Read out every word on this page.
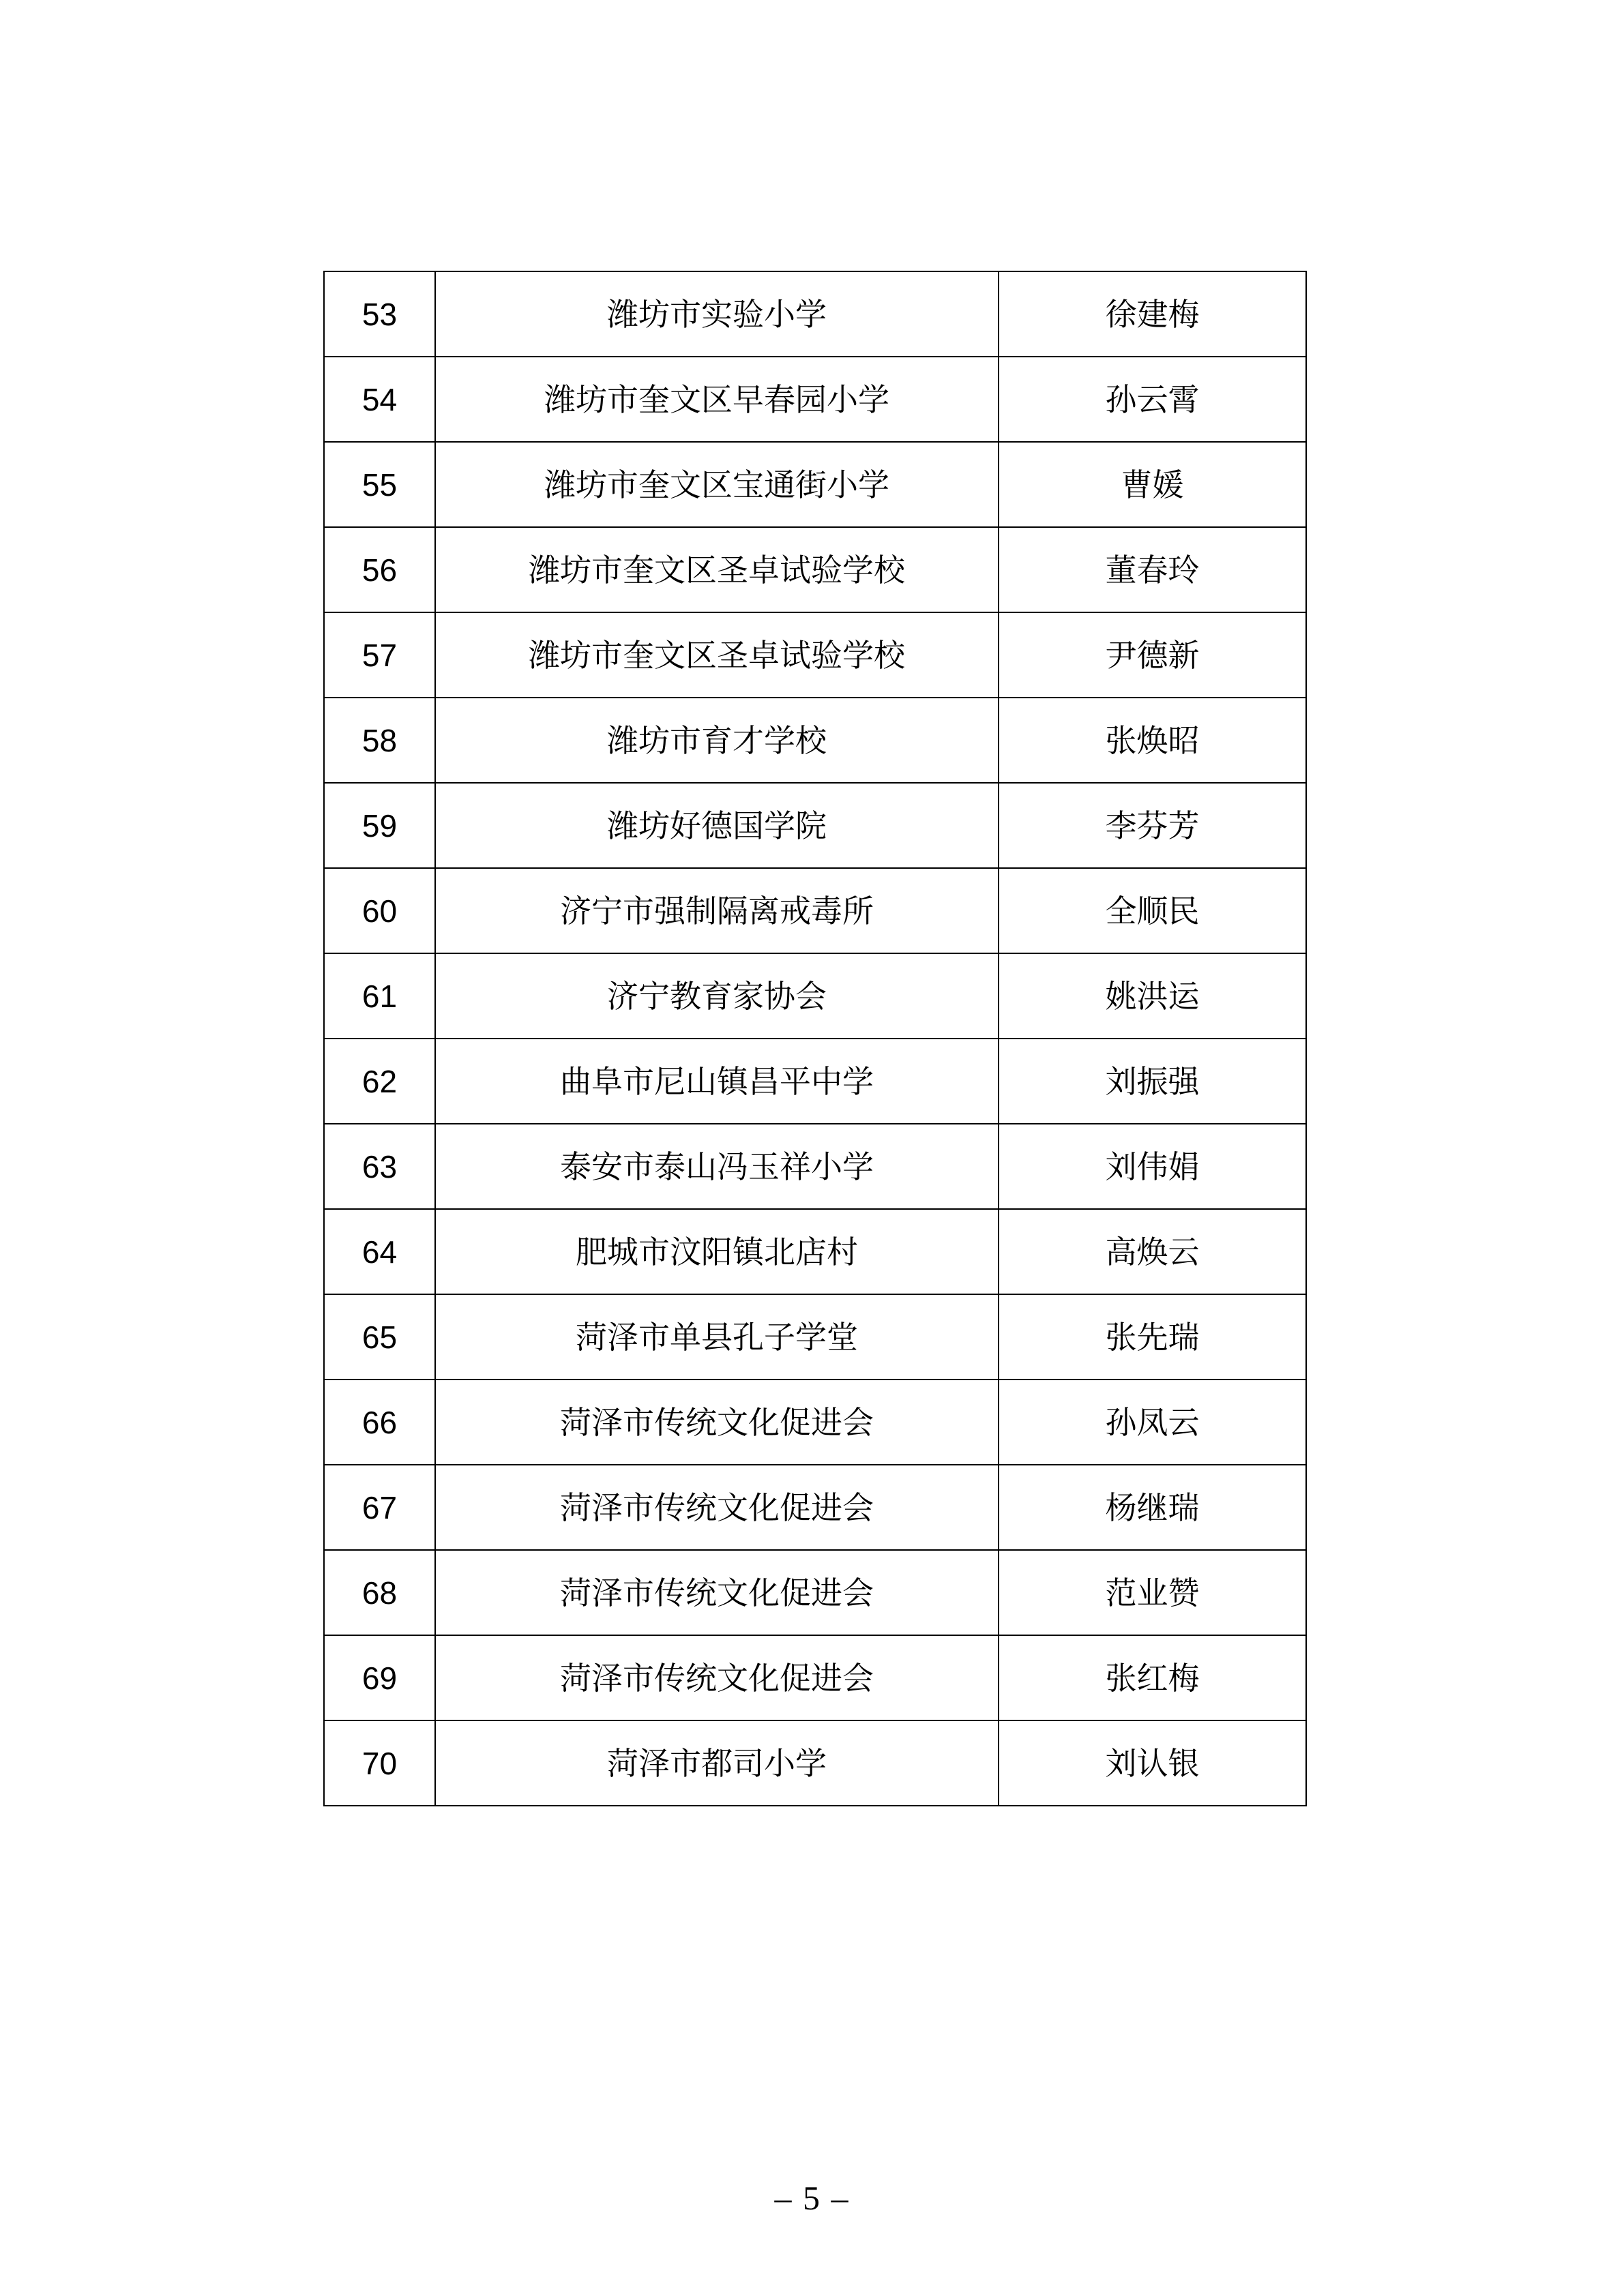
53	潍坊市实验小学	徐建梅
54	潍坊市奎文区早春园小学	孙云霄
55	潍坊市奎文区宝通街小学	曹媛
56	潍坊市奎文区圣卓试验学校	董春玲
57	潍坊市奎文区圣卓试验学校	尹德新
58	潍坊市育才学校	张焕昭
59	潍坊好德国学院	李芬芳
60	济宁市强制隔离戒毒所	全顺民
61	济宁教育家协会	姚洪运
62	曲阜市尼山镇昌平中学	刘振强
63	泰安市泰山冯玉祥小学	刘伟娟
64	肥城市汶阳镇北店村	高焕云
65	菏泽市单县孔子学堂	张先瑞
66	菏泽市传统文化促进会	孙凤云
67	菏泽市传统文化促进会	杨继瑞
68	菏泽市传统文化促进会	范业赞
69	菏泽市传统文化促进会	张红梅
70	菏泽市都司小学	刘认银
– 5 –
